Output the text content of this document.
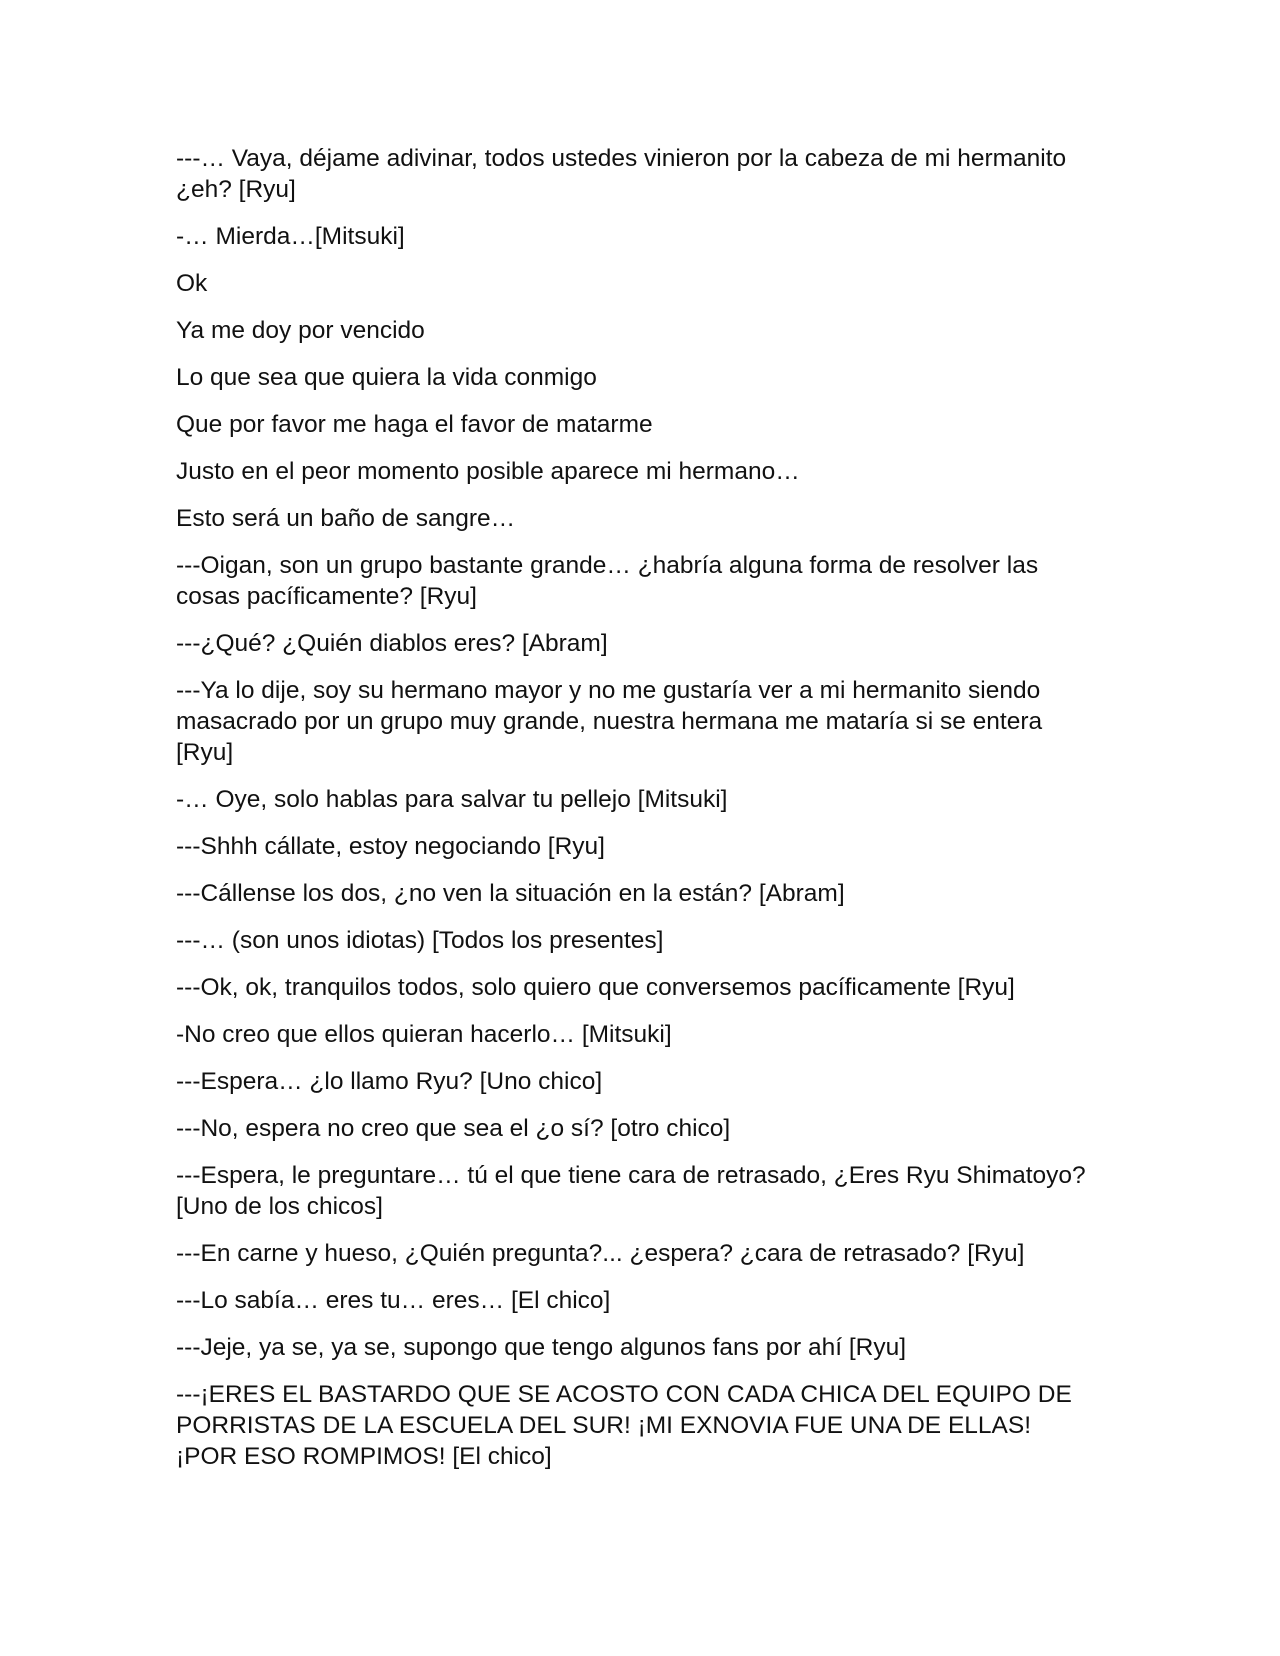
---… Vaya, déjame adivinar, todos ustedes vinieron por la cabeza de mi hermanito ¿eh? [Ryu]

-… Mierda…[Mitsuki]

Ok

Ya me doy por vencido

Lo que sea que quiera la vida conmigo

Que por favor me haga el favor de matarme

Justo en el peor momento posible aparece mi hermano…

Esto será un baño de sangre…

---Oigan, son un grupo bastante grande… ¿habría alguna forma de resolver las cosas pacíficamente? [Ryu]

---¿Qué? ¿Quién diablos eres? [Abram]

---Ya lo dije, soy su hermano mayor y no me gustaría ver a mi hermanito siendo masacrado por un grupo muy grande, nuestra hermana me mataría si se entera [Ryu]

-… Oye, solo hablas para salvar tu pellejo [Mitsuki]

---Shhh cállate, estoy negociando [Ryu]

---Cállense los dos, ¿no ven la situación en la están? [Abram]

---… (son unos idiotas) [Todos los presentes]

---Ok, ok, tranquilos todos, solo quiero que conversemos pacíficamente [Ryu]

-No creo que ellos quieran hacerlo… [Mitsuki]

---Espera… ¿lo llamo Ryu? [Uno chico]

---No, espera no creo que sea el ¿o sí? [otro chico]

---Espera, le preguntare… tú el que tiene cara de retrasado, ¿Eres Ryu Shimatoyo? [Uno de los chicos]

---En carne y hueso, ¿Quién pregunta?... ¿espera? ¿cara de retrasado? [Ryu]

---Lo sabía… eres tu… eres… [El chico]

---Jeje, ya se, ya se, supongo que tengo algunos fans por ahí [Ryu]

---¡ERES EL BASTARDO QUE SE ACOSTO CON CADA CHICA DEL EQUIPO DE PORRISTAS DE LA ESCUELA DEL SUR! ¡MI EXNOVIA FUE UNA DE ELLAS! ¡POR ESO ROMPIMOS! [El chico]
